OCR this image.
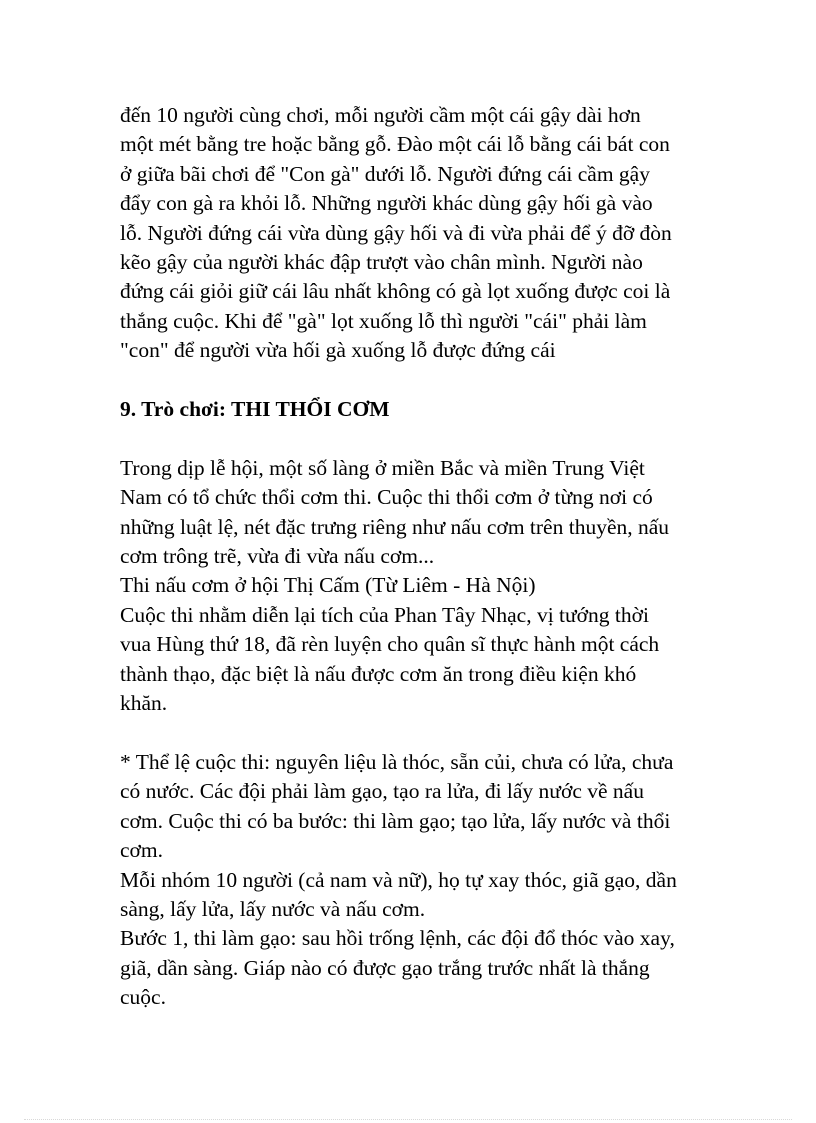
đến 10 người cùng chơi, mỗi người cầm một cái gậy dài hơn
một mét bằng tre hoặc bằng gỗ. Đào một cái lỗ bằng cái bát con
ở giữa bãi chơi để "Con gà" dưới lỗ. Người đứng cái cầm gậy
đẩy con gà ra khỏi lỗ. Những người khác dùng gậy hối gà vào
lỗ. Người đứng cái vừa dùng gậy hối và đi vừa phải để ý đỡ đòn
kẽo gậy của người khác đập trượt vào chân mình. Người nào
đứng cái giỏi giữ cái lâu nhất không có gà lọt xuống được coi là
thắng cuộc. Khi để "gà" lọt xuống lỗ thì người "cái" phải làm
"con" để người vừa hối gà xuống lỗ được đứng cái
9. Trò chơi: THI THỔI CƠM
Trong dịp lễ hội, một số làng ở miền Bắc và miền Trung Việt
Nam có tổ chức thổi cơm thi. Cuộc thi thổi cơm ở từng nơi có
những luật lệ, nét đặc trưng riêng như nấu cơm trên thuyền, nấu
cơm trông trẽ, vừa đi vừa nấu cơm...
Thi nấu cơm ở hội Thị Cấm (Từ Liêm - Hà Nội)
Cuộc thi nhằm diễn lại tích của Phan Tây Nhạc, vị tướng thời
vua Hùng thứ 18, đã rèn luyện cho quân sĩ thực hành một cách
thành thạo, đặc biệt là nấu được cơm ăn trong điều kiện khó
khăn.
* Thể lệ cuộc thi: nguyên liệu là thóc, sẵn củi, chưa có lửa, chưa
có nước. Các đội phải làm gạo, tạo ra lửa, đi lấy nước về nấu
cơm. Cuộc thi có ba bước: thi làm gạo; tạo lửa, lấy nước và thổi
cơm.
Mỗi nhóm 10 người (cả nam và nữ), họ tự xay thóc, giã gạo, dần
sàng, lấy lửa, lấy nước và nấu cơm.
Bước 1, thi làm gạo: sau hồi trống lệnh, các đội đổ thóc vào xay,
giã, dần sàng. Giáp nào có được gạo trắng trước nhất là thắng
cuộc.
